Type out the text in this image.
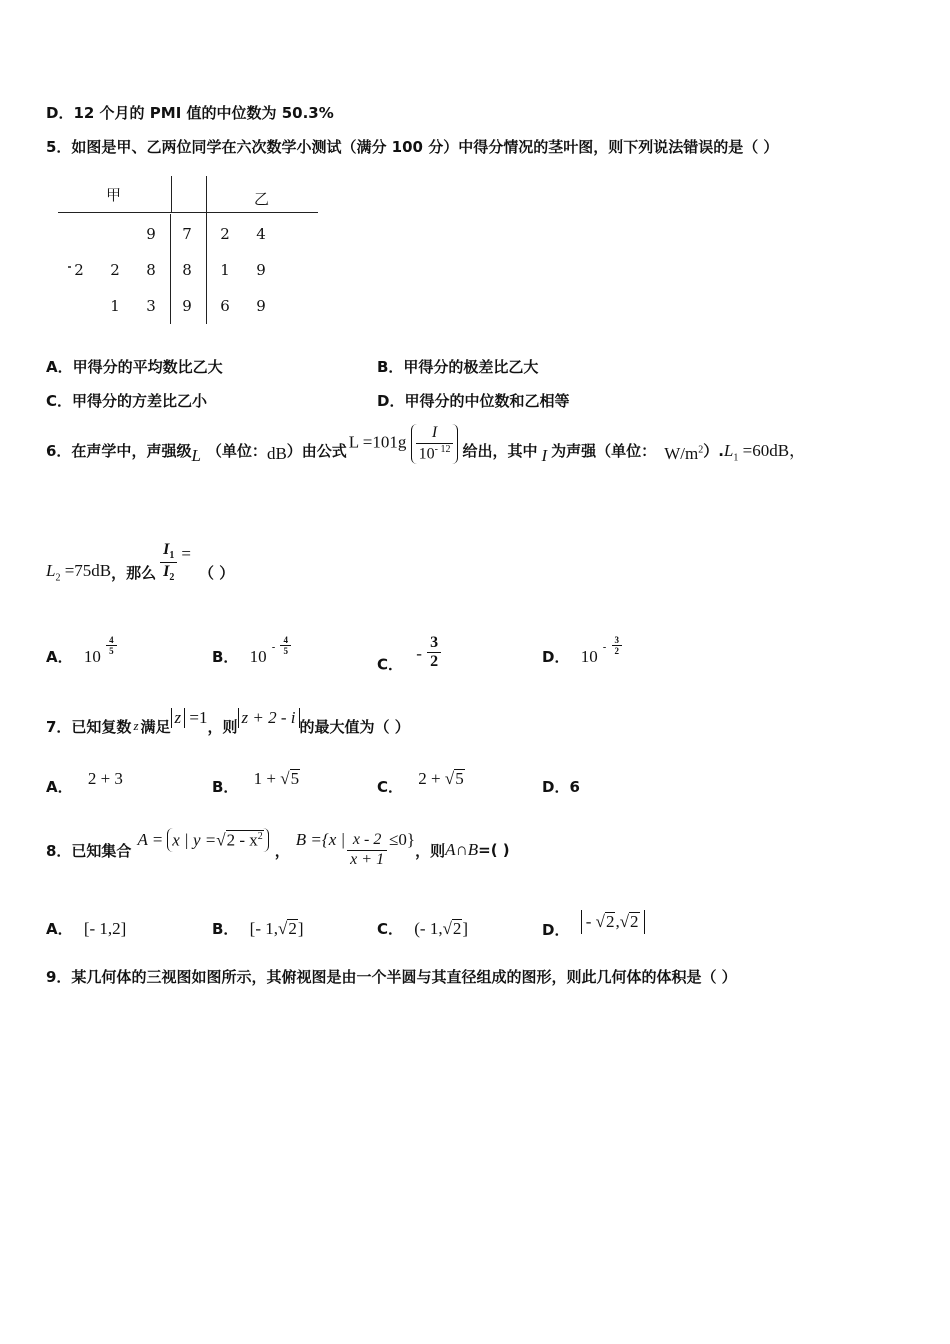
D．12 个月的 PMI 值的中位数为 50.3%
5．如图是甲、乙两位同学在六次数学小测试（满分 100 分）中得分情况的茎叶图，则下列说法错误的是（ ）
甲	乙
9	7	2 4
2 2 8	8	1 9
1 3	9	6 9
A．甲得分的平均数比乙大	B．甲得分的极差比乙大
C．甲得分的方差比乙小	D．甲得分的中位数和乙相等
6．在声学中，声强级 L （单位： dB ）由公式 $L =101g \frac{I}{10^{- 12}}$ 给出，其中 I 为声强（单位： $W/m^2$ ）. $L_1 =60dB$，
$L_2 =75dB$ ，那么 $\frac{I_1}{I_2}$ =
（ ）
A． 10
$\frac{4}{5}$
B． 10 $^- \frac{4}{5}$
C． - $\frac{3}{2}$	D． 10 $^- \frac{3}{2}$
7．已知复数 z 满足 z =1 ，则 z + 2 - i 的最大值为（ ）
A． 2 + 3	B． 1 + √5	C． 2 + √5	D．6
8．已知集合
A = x | $y =√2 - x^2$
，
B ={x | $\frac{x - 2}{x + 1} \le 0$}
，则 A∩B =( )
A． [- 1,2]	B． [- 1,√2]	C． (- 1,√2]	D． - √2,√2
9．某几何体的三视图如图所示，其俯视图是由一个半圆与其直径组成的图形，则此几何体的体积是（ ）
